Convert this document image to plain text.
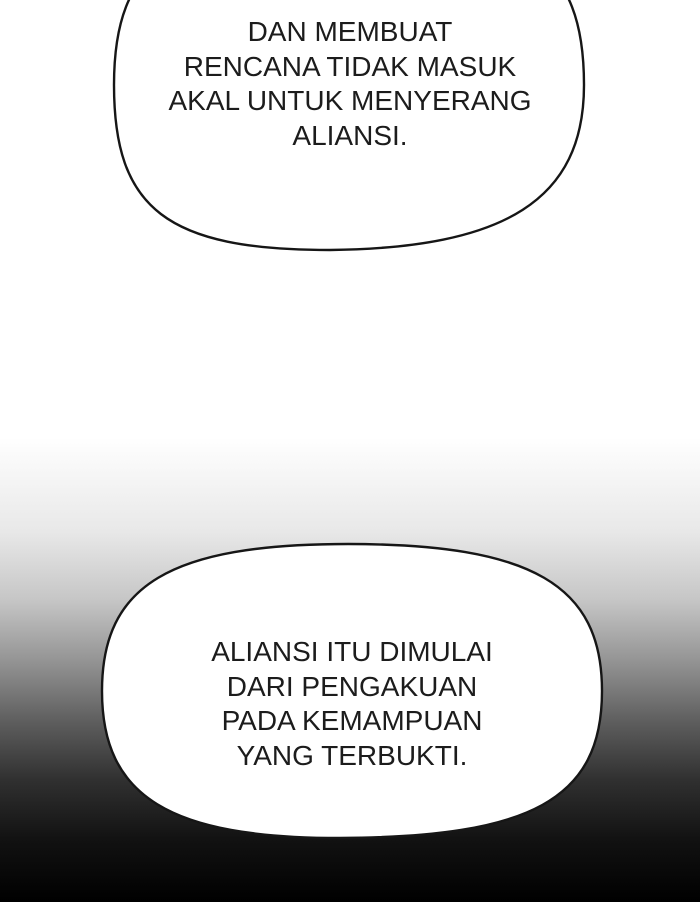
DAN MEMBUAT
RENCANA TIDAK MASUK
AKAL UNTUK MENYERANG
ALIANSI.
ALIANSI ITU DIMULAI
DARI PENGAKUAN
PADA KEMAMPUAN
YANG TERBUKTI.
